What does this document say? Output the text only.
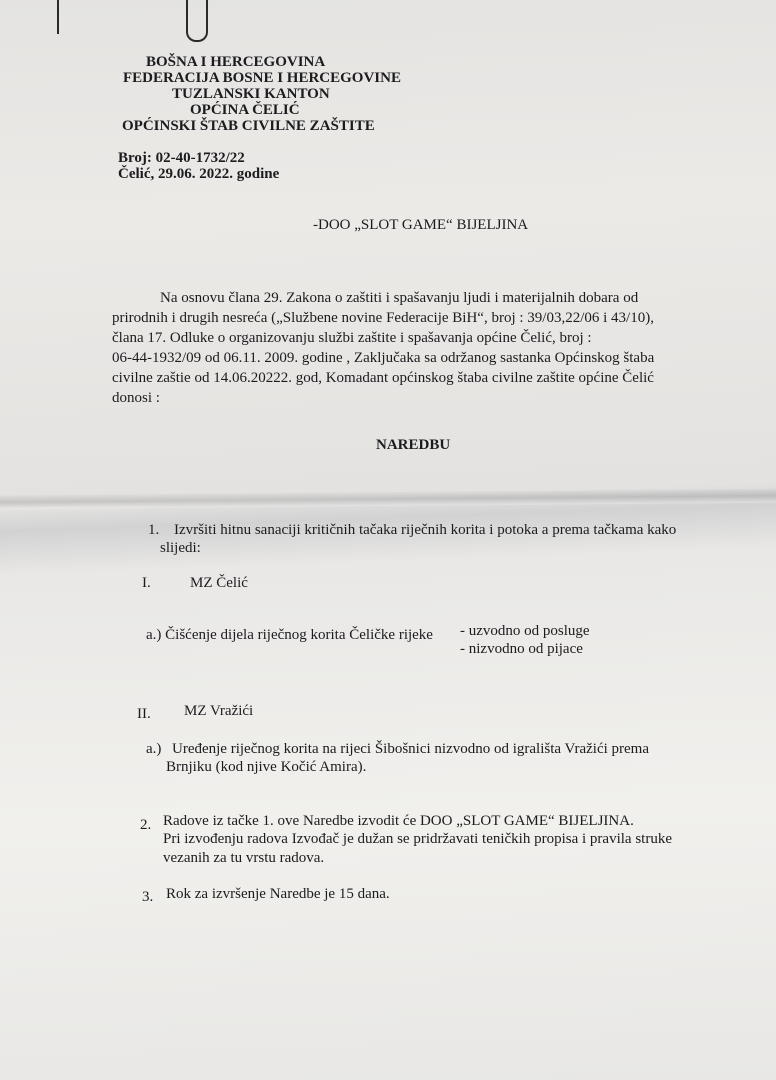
BOŠNA I HERCEGOVINA
FEDERACIJA BOSNE I HERCEGOVINE
TUZLANSKI KANTON
OPĆINA ČELIĆ
OPĆINSKI ŠTAB CIVILNE ZAŠTITE
Broj: 02-40-1732/22
Čelić, 29.06. 2022. godine
-DOO „SLOT GAME“ BIJELJINA
Na osnovu člana 29. Zakona o zaštiti i spašavanju ljudi i materijalnih dobara od
prirodnih i drugih nesreća („Službene novine Federacije BiH“, broj : 39/03,22/06 i 43/10),
člana 17. Odluke o organizovanju službi zaštite i spašavanja općine Čelić, broj :
06-44-1932/09 od 06.11. 2009. godine , Zaključaka sa održanog sastanka Općinskog štaba
civilne zaštie od 14.06.20222. god, Komadant općinskog štaba civilne zaštite općine Čelić
donosi :
NAREDBU
1. Izvršiti hitnu sanaciji kritičnih tačaka riječnih korita i potoka a prema tačkama kako
slijedi:
I.	MZ Čelić
a.) Čišćenje dijela riječnog korita Čeličke rijeke - uzvodno od posluge
- nizvodno od pijace
II. MZ Vražići
a.) Uređenje riječnog korita na rijeci Šibošnici nizvodno od igrališta Vražići prema
Brnjiku (kod njive Kočić Amira).
2. Radove iz tačke 1. ove Naredbe izvodit će DOO „SLOT GAME“ BIJELJINA.
Pri izvođenju radova Izvođač je dužan se pridržavati teničkih propisa i pravila struke
vezanih za tu vrstu radova.
3. Rok za izvršenje Naredbe je 15 dana.
